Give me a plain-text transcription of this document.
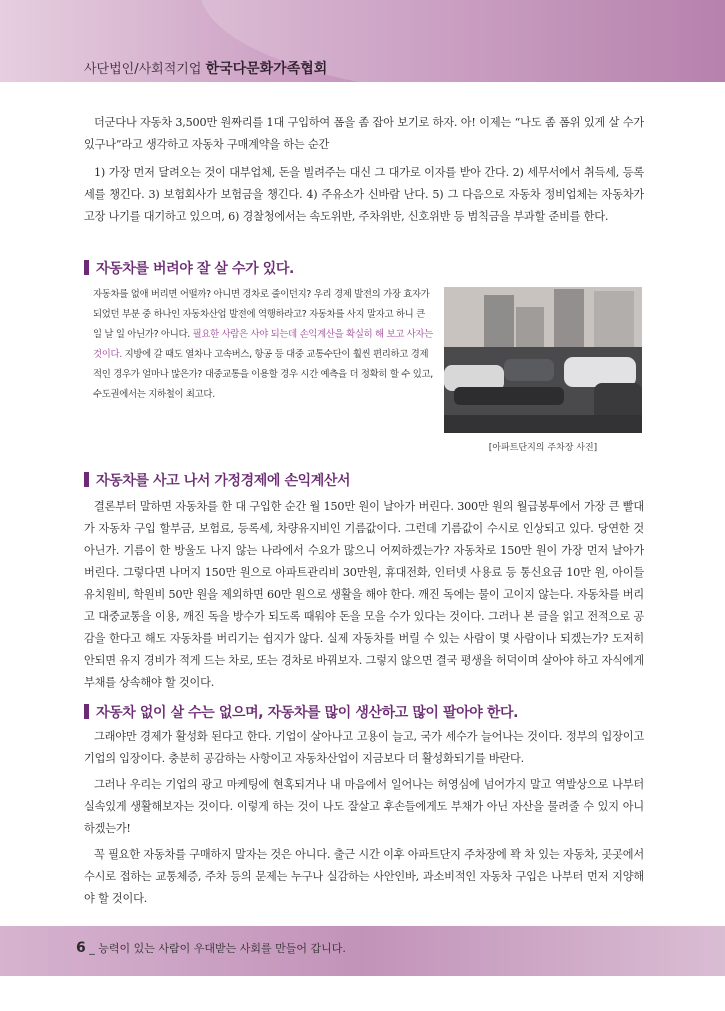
사단법인/사회적기업 한국다문화가족협회

더군다나 자동차 3,500만 원짜리를 1대 구입하여 폼을 좀 잡아 보기로 하자. 아! 이제는 “나도 좀 폼위 있게 살 수가 있구나”라고 생각하고 자동차 구매계약을 하는 순간

1) 가장 먼저 달려오는 것이 대부업체, 돈을 빌려주는 대신 그 대가로 이자를 받아 간다. 2) 세무서에서 취득세, 등록세를 챙긴다. 3) 보험회사가 보험금을 챙긴다. 4) 주유소가 신바람 난다. 5) 그 다음으로 자동차 정비업체는 자동차가 고장 나기를 대기하고 있으며, 6) 경찰청에서는 속도위반, 주차위반, 신호위반 등 범칙금을 부과할 준비를 한다.

자동차를 버려야 잘 살 수가 있다.
자동차를 없애 버리면 어떨까? 아니면 경차로 줄이던지? 우리 경제 발전의 가장 효자가 되었던 부분 중 하나인 자동차산업 발전에 역행하라고? 자동차를 사지 말자고 하니 큰일 날 일 아닌가? 아니다. 필요한 사람은 사야 되는데 손익계산을 확실히 해 보고 사자는 것이다. 지방에 갈 때도 열차나 고속버스, 항공 등 대중 교통수단이 훨씬 편리하고 경제적인 경우가 얼마나 많은가? 대중교통을 이용할 경우 시간 예측을 더 정확히 할 수 있고, 수도권에서는 지하철이 최고다.
[아파트단지의 주차장 사진]
자동차를 사고 나서 가정경제에 손익계산서

결론부터 말하면 자동차를 한 대 구입한 순간 월 150만 원이 날아가 버린다. 300만 원의 월급봉투에서 가장 큰 빨대가 자동차 구입 할부금, 보험료, 등록세, 차량유지비인 기름값이다. 그런데 기름값이 수시로 인상되고 있다. 당연한 것 아닌가. 기름이 한 방울도 나지 않는 나라에서 수요가 많으니 어찌하겠는가? 자동차로 150만 원이 가장 먼저 날아가 버린다. 그렇다면 나머지 150만 원으로 아파트관리비 30만원, 휴대전화, 인터넷 사용료 등 통신요금 10만 원, 아이들 유치원비, 학원비 50만 원을 제외하면 60만 원으로 생활을 해야 한다. 깨진 독에는 물이 고이지 않는다. 자동차를 버리고 대중교통을 이용, 깨진 독을 방수가 되도록 때워야 돈을 모을 수가 있다는 것이다. 그러나 본 글을 읽고 전적으로 공감을 한다고 해도 자동차를 버리기는 쉽지가 않다. 실제 자동차를 버릴 수 있는 사람이 몇 사람이나 되겠는가? 도저히 안되면 유지 경비가 적게 드는 차로, 또는 경차로 바꿔보자. 그렇지 않으면 결국 평생을 허덕이며 살아야 하고 자식에게 부채를 상속해야 할 것이다.

자동차 없이 살 수는 없으며, 자동차를 많이 생산하고 많이 팔아야 한다.

그래야만 경제가 활성화 된다고 한다. 기업이 살아나고 고용이 늘고, 국가 세수가 늘어나는 것이다. 정부의 입장이고 기업의 입장이다. 충분히 공감하는 사항이고 자동차산업이 지금보다 더 활성화되기를 바란다.

그러나 우리는 기업의 광고 마케팅에 현혹되거나 내 마음에서 일어나는 허영심에 넘어가지 말고 역발상으로 나부터 실속있게 생활해보자는 것이다. 이렇게 하는 것이 나도 잘살고 후손들에게도 부채가 아닌 자산을 물려줄 수 있지 아니하겠는가!

꼭 필요한 자동차를 구매하지 말자는 것은 아니다. 출근 시간 이후 아파트단지 주차장에 꽉 차 있는 자동차, 곳곳에서 수시로 접하는 교통체증, 주차 등의 문제는 누구나 실감하는 사안인바, 과소비적인 자동차 구입은 나부터 먼저 지양해야 할 것이다.

6 _ 능력이 있는 사람이 우대받는 사회를 만들어 갑니다.
